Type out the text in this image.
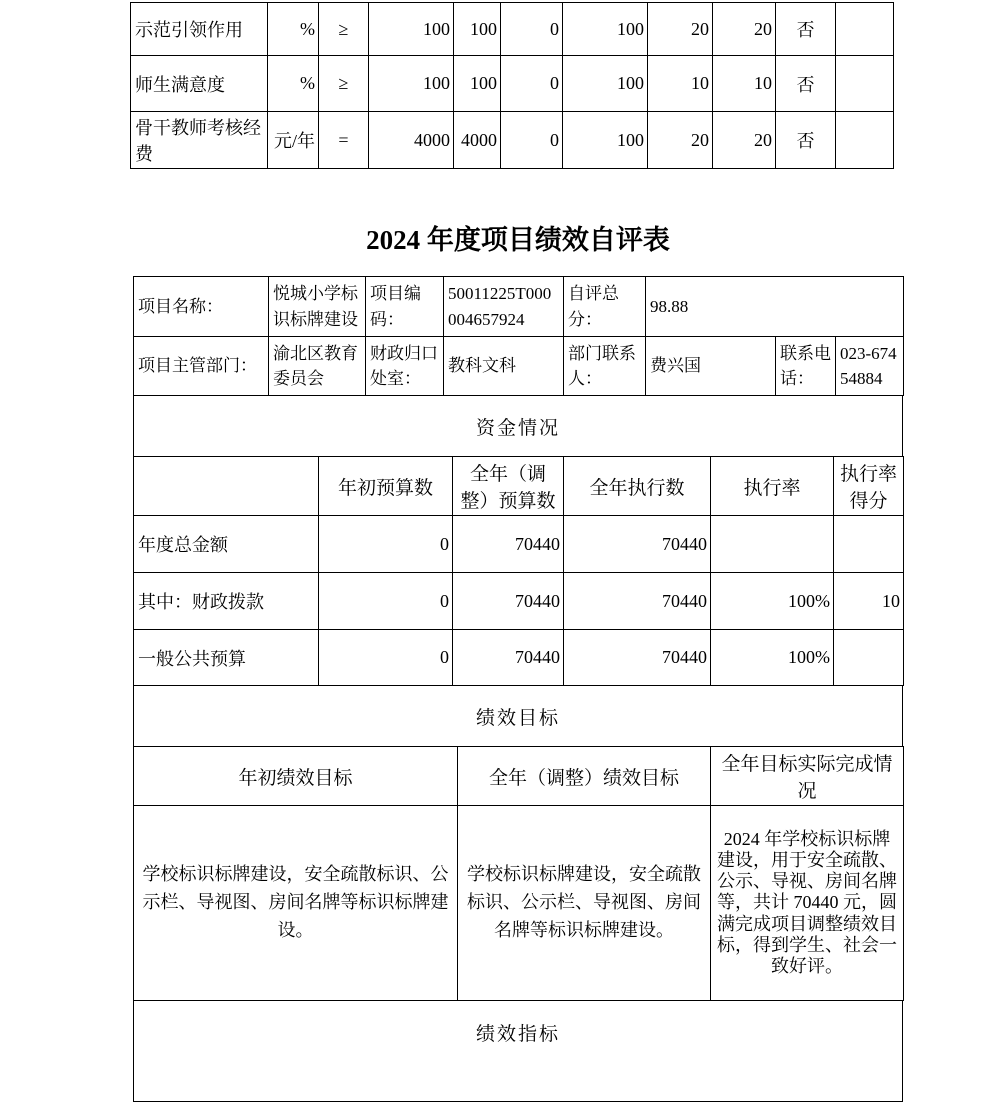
示范引领作用	%	≥	100	100	0	100	20	20	否	
师生满意度	%	≥	100	100	0	100	10	10	否	
骨干教师考核经费	元/年	=	4000	4000	0	100	20	20	否	
2024 年度项目绩效自评表
项目名称：	悦城小学标识标牌建设	项目编码：	50011225T000004657924	自评总分：	98.88		
项目主管部门：	渝北区教育委员会	财政归口处室：	教科文科	部门联系人：	费兴国	联系电话：	023-67454884
资金情况
	年初预算数	全年（调整）预算数	全年执行数	执行率	执行率得分
年度总金额	0	70440	70440		
其中：财政拨款	0	70440	70440	100%	10
一般公共预算	0	70440	70440	100%	
绩效目标
年初绩效目标	全年（调整）绩效目标	全年目标实际完成情况
学校标识标牌建设，安全疏散标识、公示栏、导视图、房间名牌等标识标牌建设。	学校标识标牌建设，安全疏散标识、公示栏、导视图、房间名牌等标识标牌建设。	2024 年学校标识标牌建设，用于安全疏散、公示、导视、房间名牌等，共计 70440 元，圆满完成项目调整绩效目标，得到学生、社会一致好评。
绩效指标
